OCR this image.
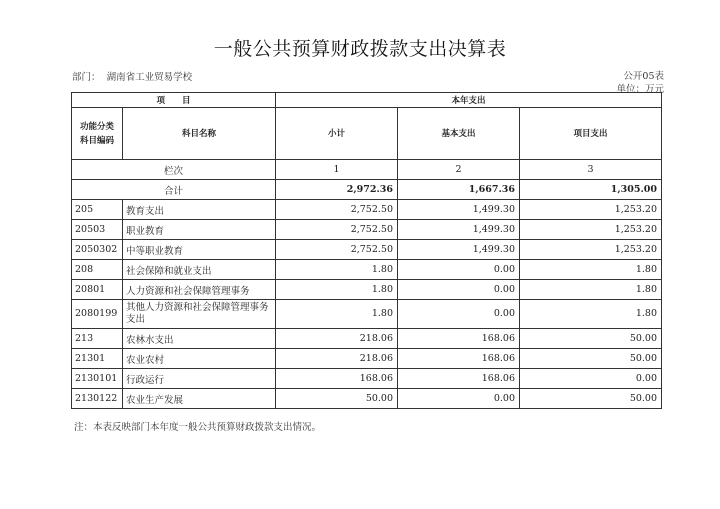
一般公共预算财政拨款支出决算表
部门： 湖南省工业贸易学校	公开05表
单位：万元
项　　目		本年支出		
功能分类科目编码	科目名称	小计	基本支出	项目支出
栏次		1	2	3
合计		2,972.36	1,667.36	1,305.00
205	教育支出	2,752.50	1,499.30	1,253.20
20503	职业教育	2,752.50	1,499.30	1,253.20
2050302	中等职业教育	2,752.50	1,499.30	1,253.20
208	社会保障和就业支出	1.80	0.00	1.80
20801	人力资源和社会保障管理事务	1.80	0.00	1.80
2080199	其他人力资源和社会保障管理事务支出	1.80	0.00	1.80
213	农林水支出	218.06	168.06	50.00
21301	农业农村	218.06	168.06	50.00
2130101	行政运行	168.06	168.06	0.00
2130122	农业生产发展	50.00	0.00	50.00
注：本表反映部门本年度一般公共预算财政拨款支出情况。
